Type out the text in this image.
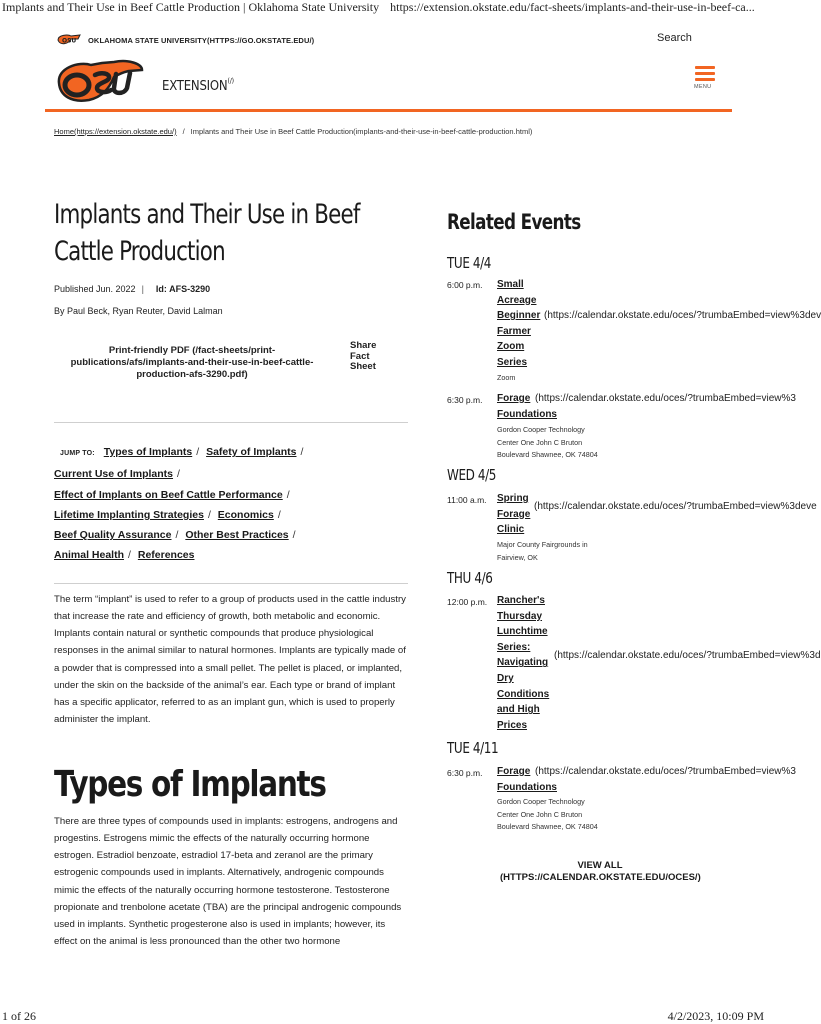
Implants and Their Use in Beef Cattle Production | Oklahoma State University https://extension.okstate.edu/fact-sheets/implants-and-their-use-in-beef-ca...
OSU OKLAHOMA STATE UNIVERSITY(HTTPS://GO.OKSTATE.EDU/)	Search
EXTENSION(/)
MENU
Home(https://extension.okstate.edu/) / Implants and Their Use in Beef Cattle Production(implants-and-their-use-in-beef-cattle-production.html)
Implants and Their Use in Beef Cattle Production
Published Jun. 2022 | Id: AFS-3290
By Paul Beck, Ryan Reuter, David Lalman
Print-friendly PDF (/fact-sheets/print-publications/afs/implants-and-their-use-in-beef-cattle-production-afs-3290.pdf)
Share Fact Sheet
JUMP TO: Types of Implants / Safety of Implants /
Current Use of Implants /
Effect of Implants on Beef Cattle Performance /
Lifetime Implanting Strategies / Economics /
Beef Quality Assurance / Other Best Practices /
Animal Health / References

The term “implant” is used to refer to a group of products used in the cattle industry that increase the rate and efficiency of growth, both metabolic and economic. Implants contain natural or synthetic compounds that produce physiological responses in the animal similar to natural hormones. Implants are typically made of a powder that is compressed into a small pellet. The pellet is placed, or implanted, under the skin on the backside of the animal’s ear. Each type or brand of implant has a specific applicator, referred to as an implant gun, which is used to properly administer the implant.

Types of Implants

There are three types of compounds used in implants: estrogens, androgens and progestins. Estrogens mimic the effects of the naturally occurring hormone estrogen. Estradiol benzoate, estradiol 17-beta and zeranol are the primary estrogenic compounds used in implants. Alternatively, androgenic compounds mimic the effects of the naturally occurring hormone testosterone. Testosterone propionate and trenbolone acetate (TBA) are the principal androgenic compounds used in implants. Synthetic progesterone also is used in implants; however, its effect on the animal is less pronounced than the other two hormone

Related Events
TUE 4/4
6:00 p.m. Small Acreage Beginner Farmer Zoom Series
(https://calendar.okstate.edu/oces/?trumbaEmbed=view%3dev
Zoom
6:30 p.m. Forage Foundations
(https://calendar.okstate.edu/oces/?trumbaEmbed=view%3
Gordon Cooper Technology
Center One John C Bruton
Boulevard Shawnee, OK 74804
WED 4/5
11:00 a.m. Spring Forage Clinic
(https://calendar.okstate.edu/oces/?trumbaEmbed=view%3deve
Major County Fairgrounds in
Fairview, OK
THU 4/6
12:00 p.m. Rancher's Thursday Lunchtime Series: Navigating Dry Conditions and High Prices
(https://calendar.okstate.edu/oces/?trumbaEmbed=view%3d
TUE 4/11
6:30 p.m. Forage Foundations
(https://calendar.okstate.edu/oces/?trumbaEmbed=view%3
Gordon Cooper Technology
Center One John C Bruton
Boulevard Shawnee, OK 74804
VIEW ALL (HTTPS://CALENDAR.OKSTATE.EDU/OCES/)
1 of 26	4/2/2023, 10:09 PM
